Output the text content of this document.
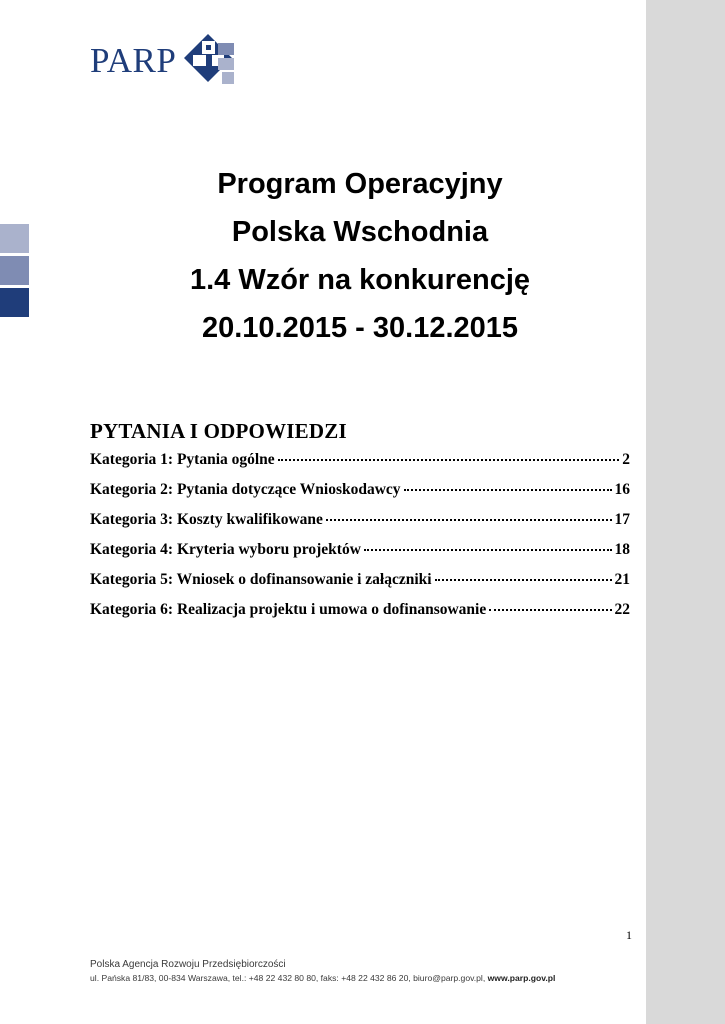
PARP
Program Operacyjny
Polska Wschodnia
1.4 Wzór na konkurencję
20.10.2015 - 30.12.2015
PYTANIA I ODPOWIEDZI
Kategoria 1: Pytania ogólne	2
Kategoria 2: Pytania dotyczące Wnioskodawcy	16
Kategoria 3: Koszty kwalifikowane	17
Kategoria 4: Kryteria wyboru projektów	18
Kategoria 5: Wniosek o dofinansowanie i załączniki	21
Kategoria 6: Realizacja projektu i umowa o dofinansowanie	22
1
Polska Agencja Rozwoju Przedsiębiorczości
ul. Pańska 81/83, 00-834 Warszawa, tel.: +48 22 432 80 80, faks: +48 22 432 86 20, biuro@parp.gov.pl, www.parp.gov.pl
